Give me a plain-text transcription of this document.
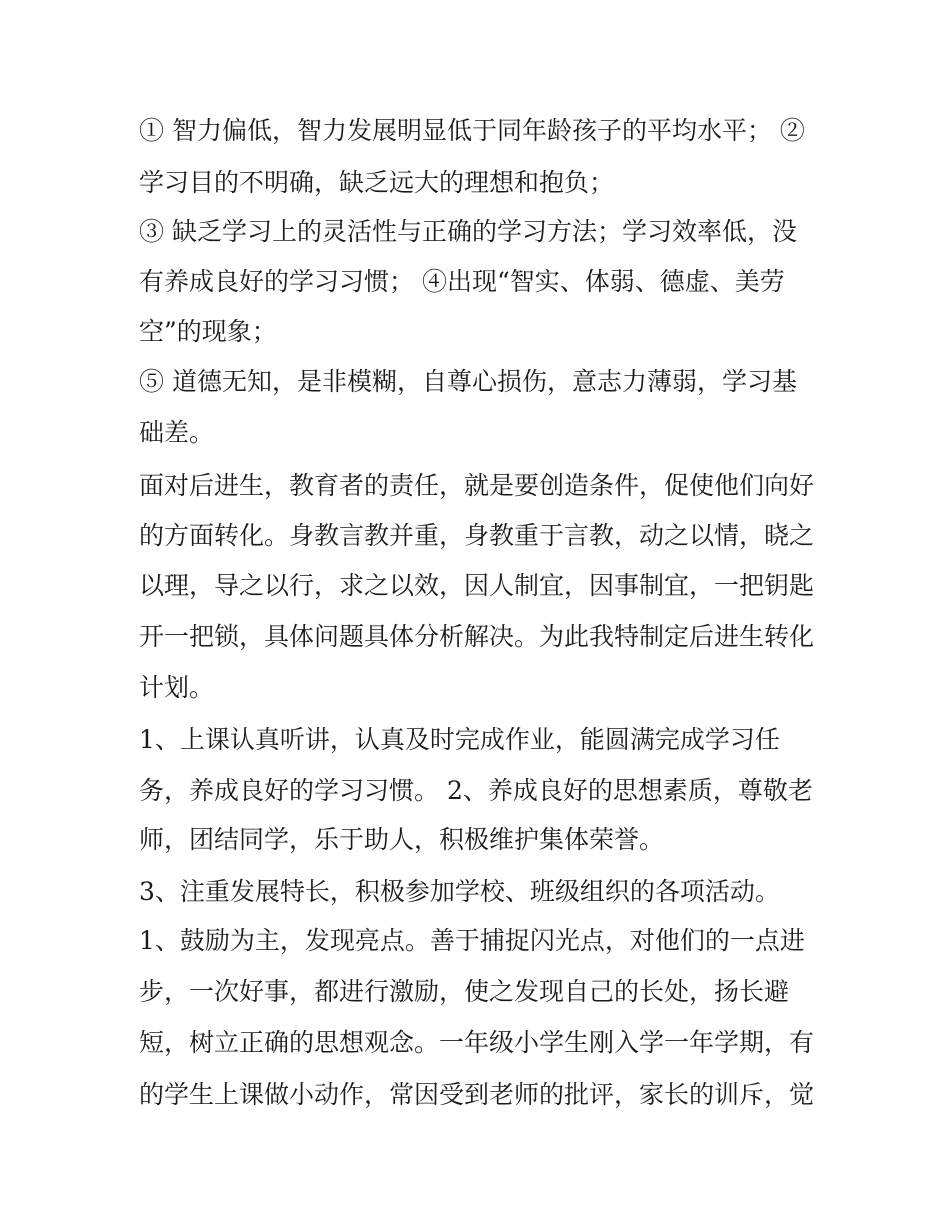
① 智力偏低，智力发展明显低于同年龄孩子的平均水平； ②
学习目的不明确，缺乏远大的理想和抱负；
③ 缺乏学习上的灵活性与正确的学习方法；学习效率低，没
有养成良好的学习习惯； ④出现“智实、体弱、德虚、美劳
空”的现象；
⑤ 道德无知，是非模糊，自尊心损伤，意志力薄弱，学习基
础差。
面对后进生，教育者的责任，就是要创造条件，促使他们向好
的方面转化。身教言教并重，身教重于言教，动之以情，晓之
以理，导之以行，求之以效，因人制宜，因事制宜，一把钥匙
开一把锁，具体问题具体分析解决。为此我特制定后进生转化
计划。
1、上课认真听讲，认真及时完成作业，能圆满完成学习任
务，养成良好的学习习惯。 2、养成良好的思想素质，尊敬老
师，团结同学，乐于助人，积极维护集体荣誉。
3、注重发展特长，积极参加学校、班级组织的各项活动。
1、鼓励为主，发现亮点。善于捕捉闪光点，对他们的一点进
步，一次好事，都进行激励，使之发现自己的长处，扬长避
短，树立正确的思想观念。一年级小学生刚入学一年学期，有
的学生上课做小动作，常因受到老师的批评，家长的训斥，觉
